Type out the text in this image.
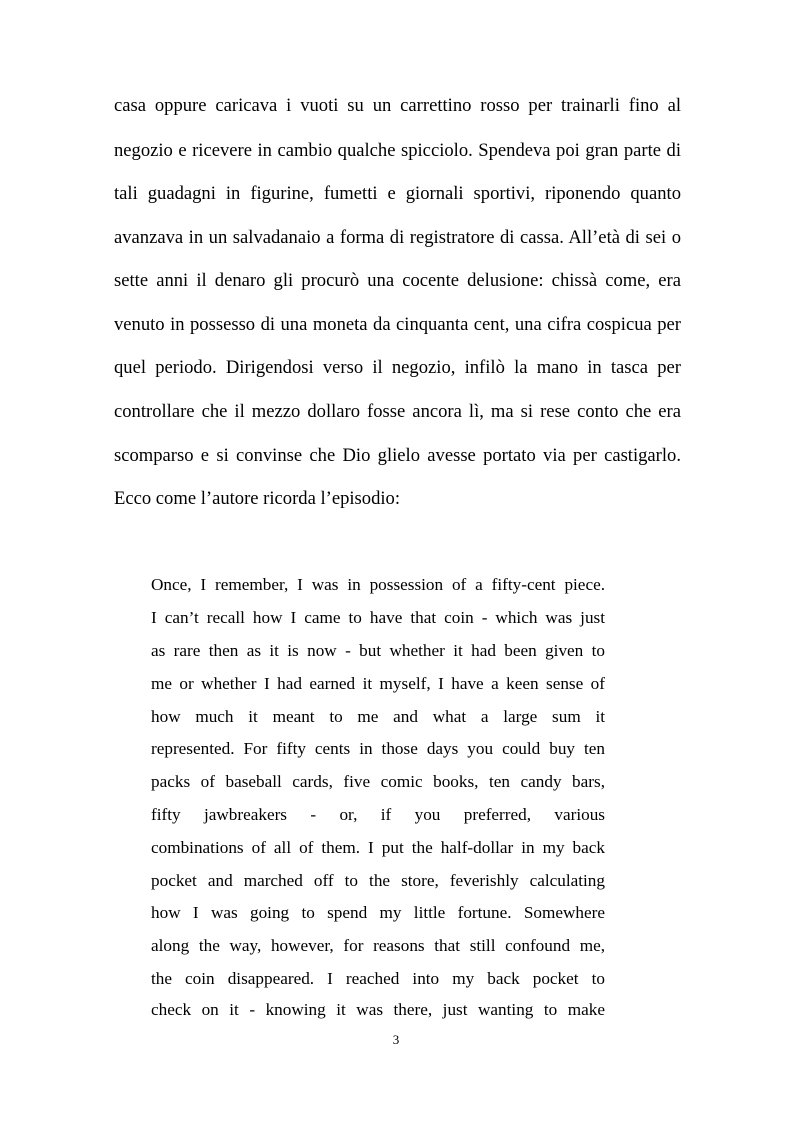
casa oppure caricava i vuoti su un carrettino rosso per trainarli fino al
negozio e ricevere in cambio qualche spicciolo. Spendeva poi gran parte di
tali guadagni in figurine, fumetti e giornali sportivi, riponendo quanto
avanzava in un salvadanaio a forma di registratore di cassa. All’età di sei o
sette anni il denaro gli procurò una cocente delusione: chissà come, era
venuto in possesso di una moneta da cinquanta cent, una cifra cospicua per
quel periodo. Dirigendosi verso il negozio, infilò la mano in tasca per
controllare che il mezzo dollaro fosse ancora lì, ma si rese conto che era
scomparso e si convinse che Dio glielo avesse portato via per castigarlo.
Ecco come l’autore ricorda l’episodio:
Once, I remember, I was in possession of a fifty-cent piece.
I can’t recall how I came to have that coin - which was just
as rare then as it is now - but whether it had been given to
me or whether I had earned it myself, I have a keen sense of
how much it meant to me and what a large sum it
represented. For fifty cents in those days you could buy ten
packs of baseball cards, five comic books, ten candy bars,
fifty jawbreakers - or, if you preferred, various
combinations of all of them. I put the half-dollar in my back
pocket and marched off to the store, feverishly calculating
how I was going to spend my little fortune. Somewhere
along the way, however, for reasons that still confound me,
the coin disappeared. I reached into my back pocket to
check on it - knowing it was there, just wanting to make
3
